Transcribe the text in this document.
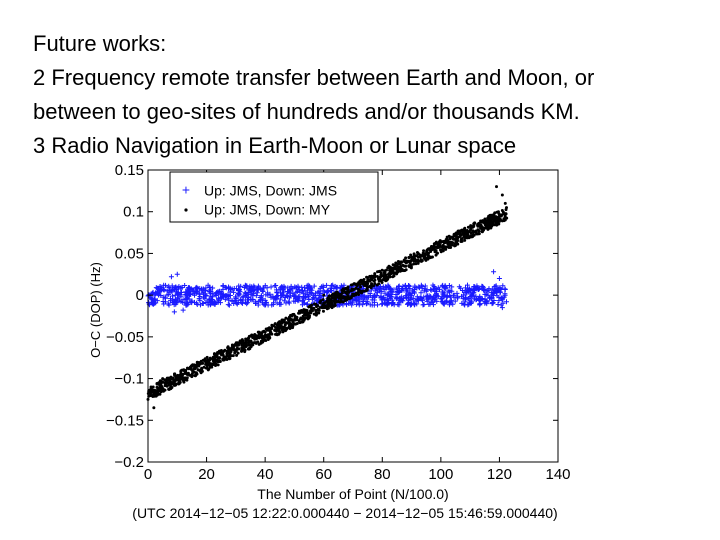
Future works:
2 Frequency remote transfer between Earth and Moon, or
between to geo-sites of hundreds and/or thousands KM.
3 Radio Navigation in Earth-Moon or Lunar space
0	20	40	60	80	100 120 140
0.15
0.1
0.05
0
−0.05
−0.1
−0.15
−0.2
+ Up: JMS, Down: JMS
Up: JMS, Down: MY
The Number of Point (N/100.0)
(UTC 2014−12−05 12:22:0.000440 − 2014−12−05 15:46:59.000440)
O−C (DOP) (Hz)
